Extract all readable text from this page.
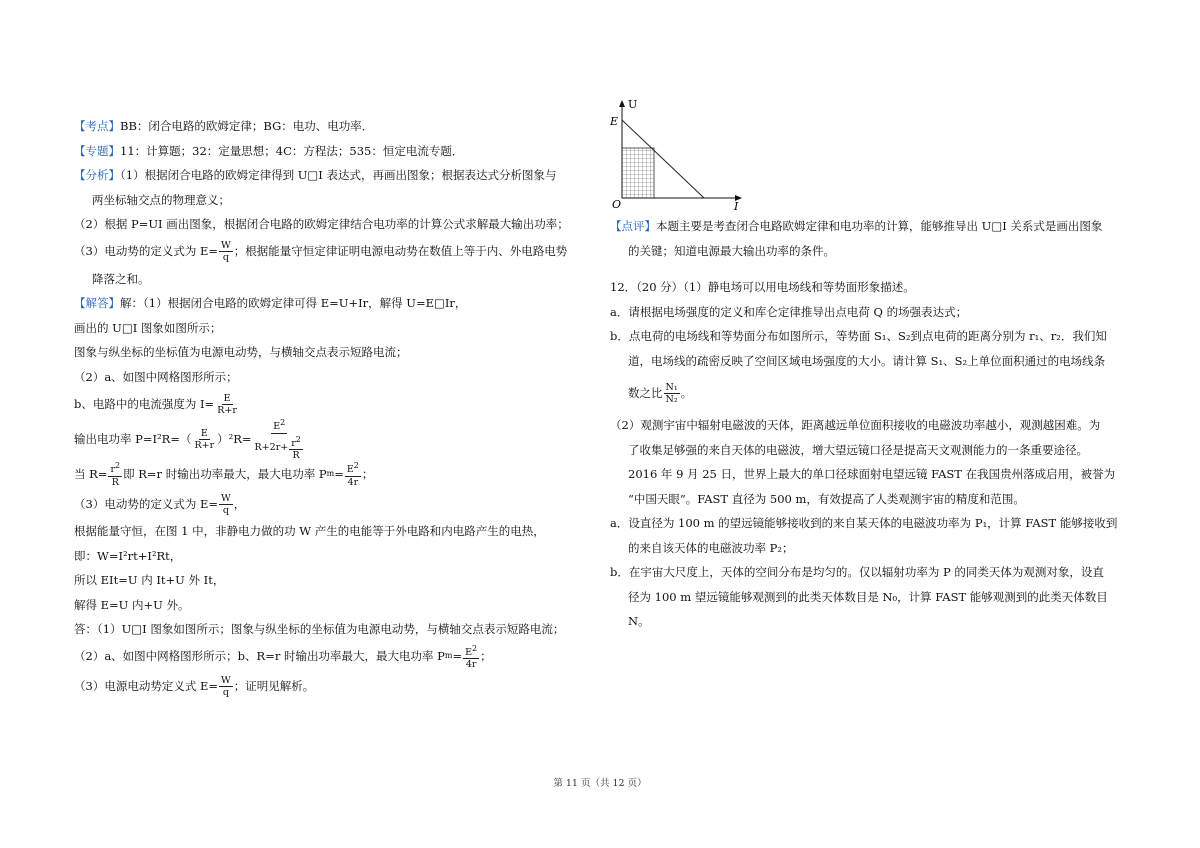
【考点】BB：闭合电路的欧姆定律；BG：电功、电功率．
【专题】11：计算题；32：定量思想；4C：方程法；535：恒定电流专题．
【分析】（1）根据闭合电路的欧姆定律得到 U□I 表达式，再画出图象；根据表达式分析图象与
两坐标轴交点的物理意义；
（2）根据 P=UI 画出图象，根据闭合电路的欧姆定律结合电功率的计算公式求解最大输出功率；
（3）电动势的定义式为 $E= \frac{W}{q}$ ；根据能量守恒定律证明电源电动势在数值上等于内、外电路电势
降落之和。
【解答】解：（1）根据闭合电路的欧姆定律可得 E=U+Ir，解得 U=E□Ir，
画出的 U□I 图象如图所示；
图象与纵坐标的坐标值为电源电动势，与横轴交点表示短路电流；
（2）a、如图中网格图形所示；
b、电路中的电流强度为 $I= \frac{E}{R+r}$
输出电功率 $P=I^2R=( \frac{E}{R+r} )^2R= \frac{E^2}{R+2r+ \frac{r^2}{R}}$
当 $R= \frac{r^2}{R}$ 即 R=r 时输出功率最大，最大电功率 P $m = \frac{E^2}{4r}$ ；
（3）电动势的定义式为 $E= \frac{W}{q}$ ，
根据能量守恒，在图 1 中，非静电力做的功 W 产生的电能等于外电路和内电路产生的电热，
即：W=I²rt+I²Rt，
所以 EIt=U 内 It+U 外 It，
解得 E=U 内+U 外。
答：（1）U□I 图象如图所示；图象与纵坐标的坐标值为电源电动势，与横轴交点表示短路电流；
（2）a、如图中网格图形所示；b、R=r 时输出功率最大，最大电功率 P $m = \frac{E^2}{4r}$ ；
（3）电源电动势定义式 $E= \frac{W}{q}$ ；证明见解析。
U
I
E
O
【点评】本题主要是考查闭合电路欧姆定律和电功率的计算，能够推导出 U□I 关系式是画出图象
的关键；知道电源最大输出功率的条件。
12．（20 分）（1）静电场可以用电场线和等势面形象描述。
a．请根据电场强度的定义和库仑定律推导出点电荷 Q 的场强表达式；
b．点电荷的电场线和等势面分布如图所示，等势面 S₁、S₂到点电荷的距离分别为 r₁、r₂．我们知
道，电场线的疏密反映了空间区域电场强度的大小。请计算 S₁、S₂上单位面积通过的电场线条
数之比 $\frac{\text{N₁}}{\text{N₂}}$ 。
（2）观测宇宙中辐射电磁波的天体，距离越远单位面积接收的电磁波功率越小，观测越困难。为
了收集足够强的来自天体的电磁波，增大望远镜口径是提高天文观测能力的一条重要途径。
2016 年 9 月 25 日，世界上最大的单口径球面射电望远镜 FAST 在我国贵州落成启用，被誉为
“中国天眼”。FAST 直径为 500 m，有效提高了人类观测宇宙的精度和范围。
a．设直径为 100 m 的望远镜能够接收到的来自某天体的电磁波功率为 P₁，计算 FAST 能够接收到
的来自该天体的电磁波功率 P₂；
b．在宇宙大尺度上，天体的空间分布是均匀的。仅以辐射功率为 P 的同类天体为观测对象，设直
径为 100 m 望远镜能够观测到的此类天体数目是 N₀，计算 FAST 能够观测到的此类天体数目
N。
第 11 页（共 12 页）
